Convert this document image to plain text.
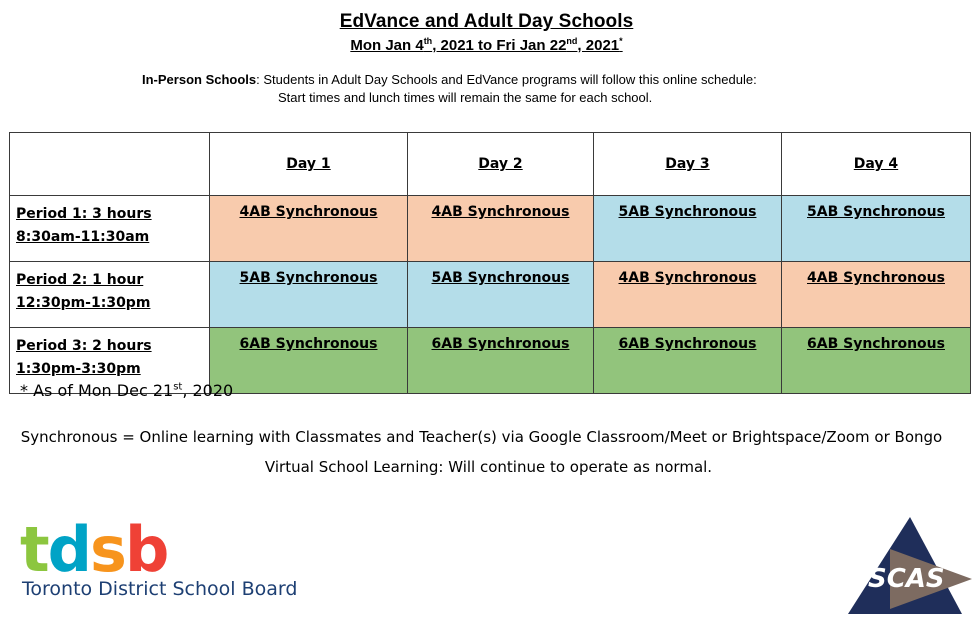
EdVance and Adult Day Schools
Mon Jan 4th, 2021 to Fri Jan 22nd, 2021*
In-Person Schools: Students in Adult Day Schools and EdVance programs will follow this online schedule:
Start times and lunch times will remain the same for each school.
	Day 1	Day 2	Day 3	Day 4

Period 1: 3 hours
8:30am-11:30am	4AB Synchronous	4AB Synchronous	5AB Synchronous	5AB Synchronous

Period 2: 1 hour
12:30pm-1:30pm	5AB Synchronous	5AB Synchronous	4AB Synchronous	4AB Synchronous

Period 3: 2 hours
1:30pm-3:30pm	6AB Synchronous	6AB Synchronous	6AB Synchronous	6AB Synchronous
* As of Mon Dec 21st, 2020
Synchronous = Online learning with Classmates and Teacher(s) via Google Classroom/Meet or Brightspace/Zoom or Bongo
Virtual School Learning: Will continue to operate as normal.
tdsb
Toronto District School Board	SCAS
